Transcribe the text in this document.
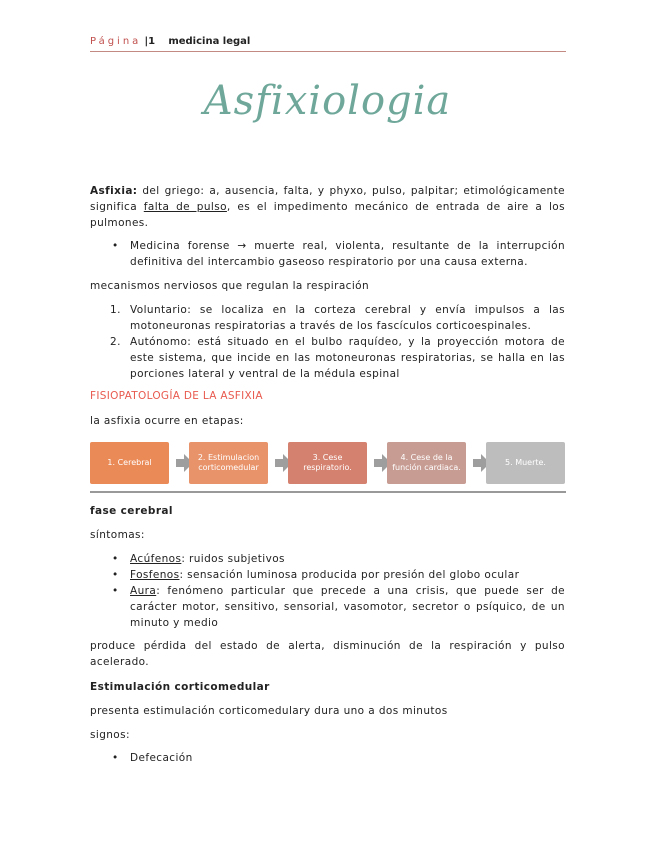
Página |1 medicina legal
Asfixiologia
Asfixia: del griego: a, ausencia, falta, y phyxo, pulso, palpitar; etimológicamente significa falta de pulso, es el impedimento mecánico de entrada de aire a los pulmones.
• Medicina forense → muerte real, violenta, resultante de la interrupción definitiva del intercambio gaseoso respiratorio por una causa externa.
mecanismos nerviosos que regulan la respiración
1. Voluntario: se localiza en la corteza cerebral y envía impulsos a las motoneuronas respiratorias a través de los fascículos corticoespinales.
2. Autónomo: está situado en el bulbo raquídeo, y la proyección motora de este sistema, que incide en las motoneuronas respiratorias, se halla en las porciones lateral y ventral de la médula espinal
FISIOPATOLOGÍA DE LA ASFIXIA
la asfixia ocurre en etapas:
1. Cerebral
2. Estimulacion corticomedular
3. Cese respiratorio.
4. Cese de la función cardiaca.
5. Muerte.
fase cerebral
síntomas:
• Acúfenos: ruidos subjetivos
• Fosfenos: sensación luminosa producida por presión del globo ocular
• Aura: fenómeno particular que precede a una crisis, que puede ser de carácter motor, sensitivo, sensorial, vasomotor, secretor o psíquico, de un minuto y medio
produce pérdida del estado de alerta, disminución de la respiración y pulso acelerado.
Estimulación corticomedular
presenta estimulación corticomedulary dura uno a dos minutos
signos:
• Defecación
